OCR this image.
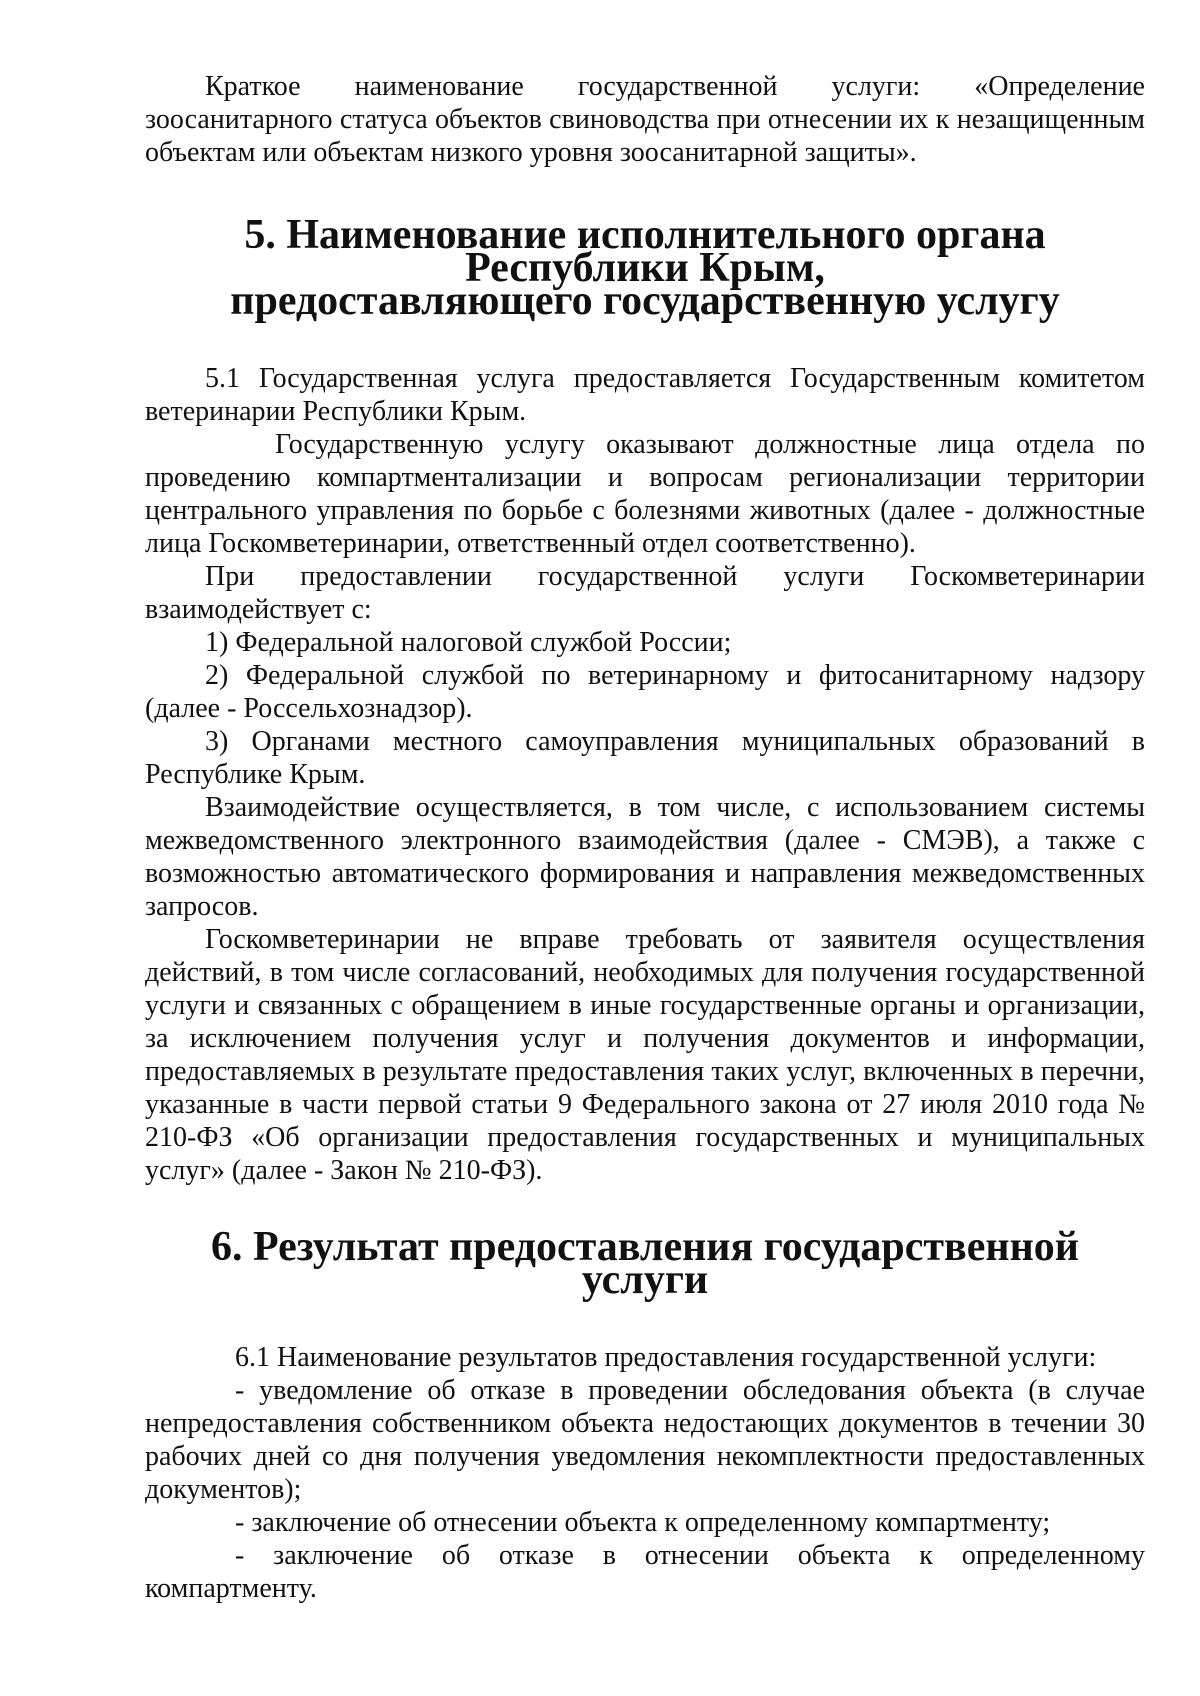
Краткое наименование государственной услуги: «Определение зоосанитарного статуса объектов свиноводства при отнесении их к незащищенным объектам или объектам низкого уровня зоосанитарной защиты».

5. Наименование исполнительного органа Республики Крым,
предоставляющего государственную услугу

5.1 Государственная услуга предоставляется Государственным комитетом ветеринарии Республики Крым.

Государственную услугу оказывают должностные лица отдела по проведению компартментализации и вопросам регионализации территории центрального управления по борьбе с болезнями животных (далее - должностные лица Госкомветеринарии, ответственный отдел соответственно).

При предоставлении государственной услуги Госкомветеринарии взаимодействует с:

1) Федеральной налоговой службой России;

2) Федеральной службой по ветеринарному и фитосанитарному надзору (далее - Россельхознадзор).

3) Органами местного самоуправления муниципальных образований в Республике Крым.

Взаимодействие осуществляется, в том числе, с использованием системы межведомственного электронного взаимодействия (далее - СМЭВ), а также с возможностью автоматического формирования и направления межведомственных запросов.

Госкомветеринарии не вправе требовать от заявителя осуществления действий, в том числе согласований, необходимых для получения государственной услуги и связанных с обращением в иные государственные органы и организации, за исключением получения услуг и получения документов и информации, предоставляемых в результате предоставления таких услуг, включенных в перечни, указанные в части первой статьи 9 Федерального закона от 27 июля 2010 года № 210-ФЗ «Об организации предоставления государственных и муниципальных услуг» (далее - Закон № 210-ФЗ).

6. Результат предоставления государственной услуги

6.1 Наименование результатов предоставления государственной услуги:

- уведомление об отказе в проведении обследования объекта (в случае непредоставления собственником объекта недостающих документов в течении 30 рабочих дней со дня получения уведомления некомплектности предоставленных документов);

- заключение об отнесении объекта к определенному компартменту;

- заключение об отказе в отнесении объекта к определенному компартменту.
